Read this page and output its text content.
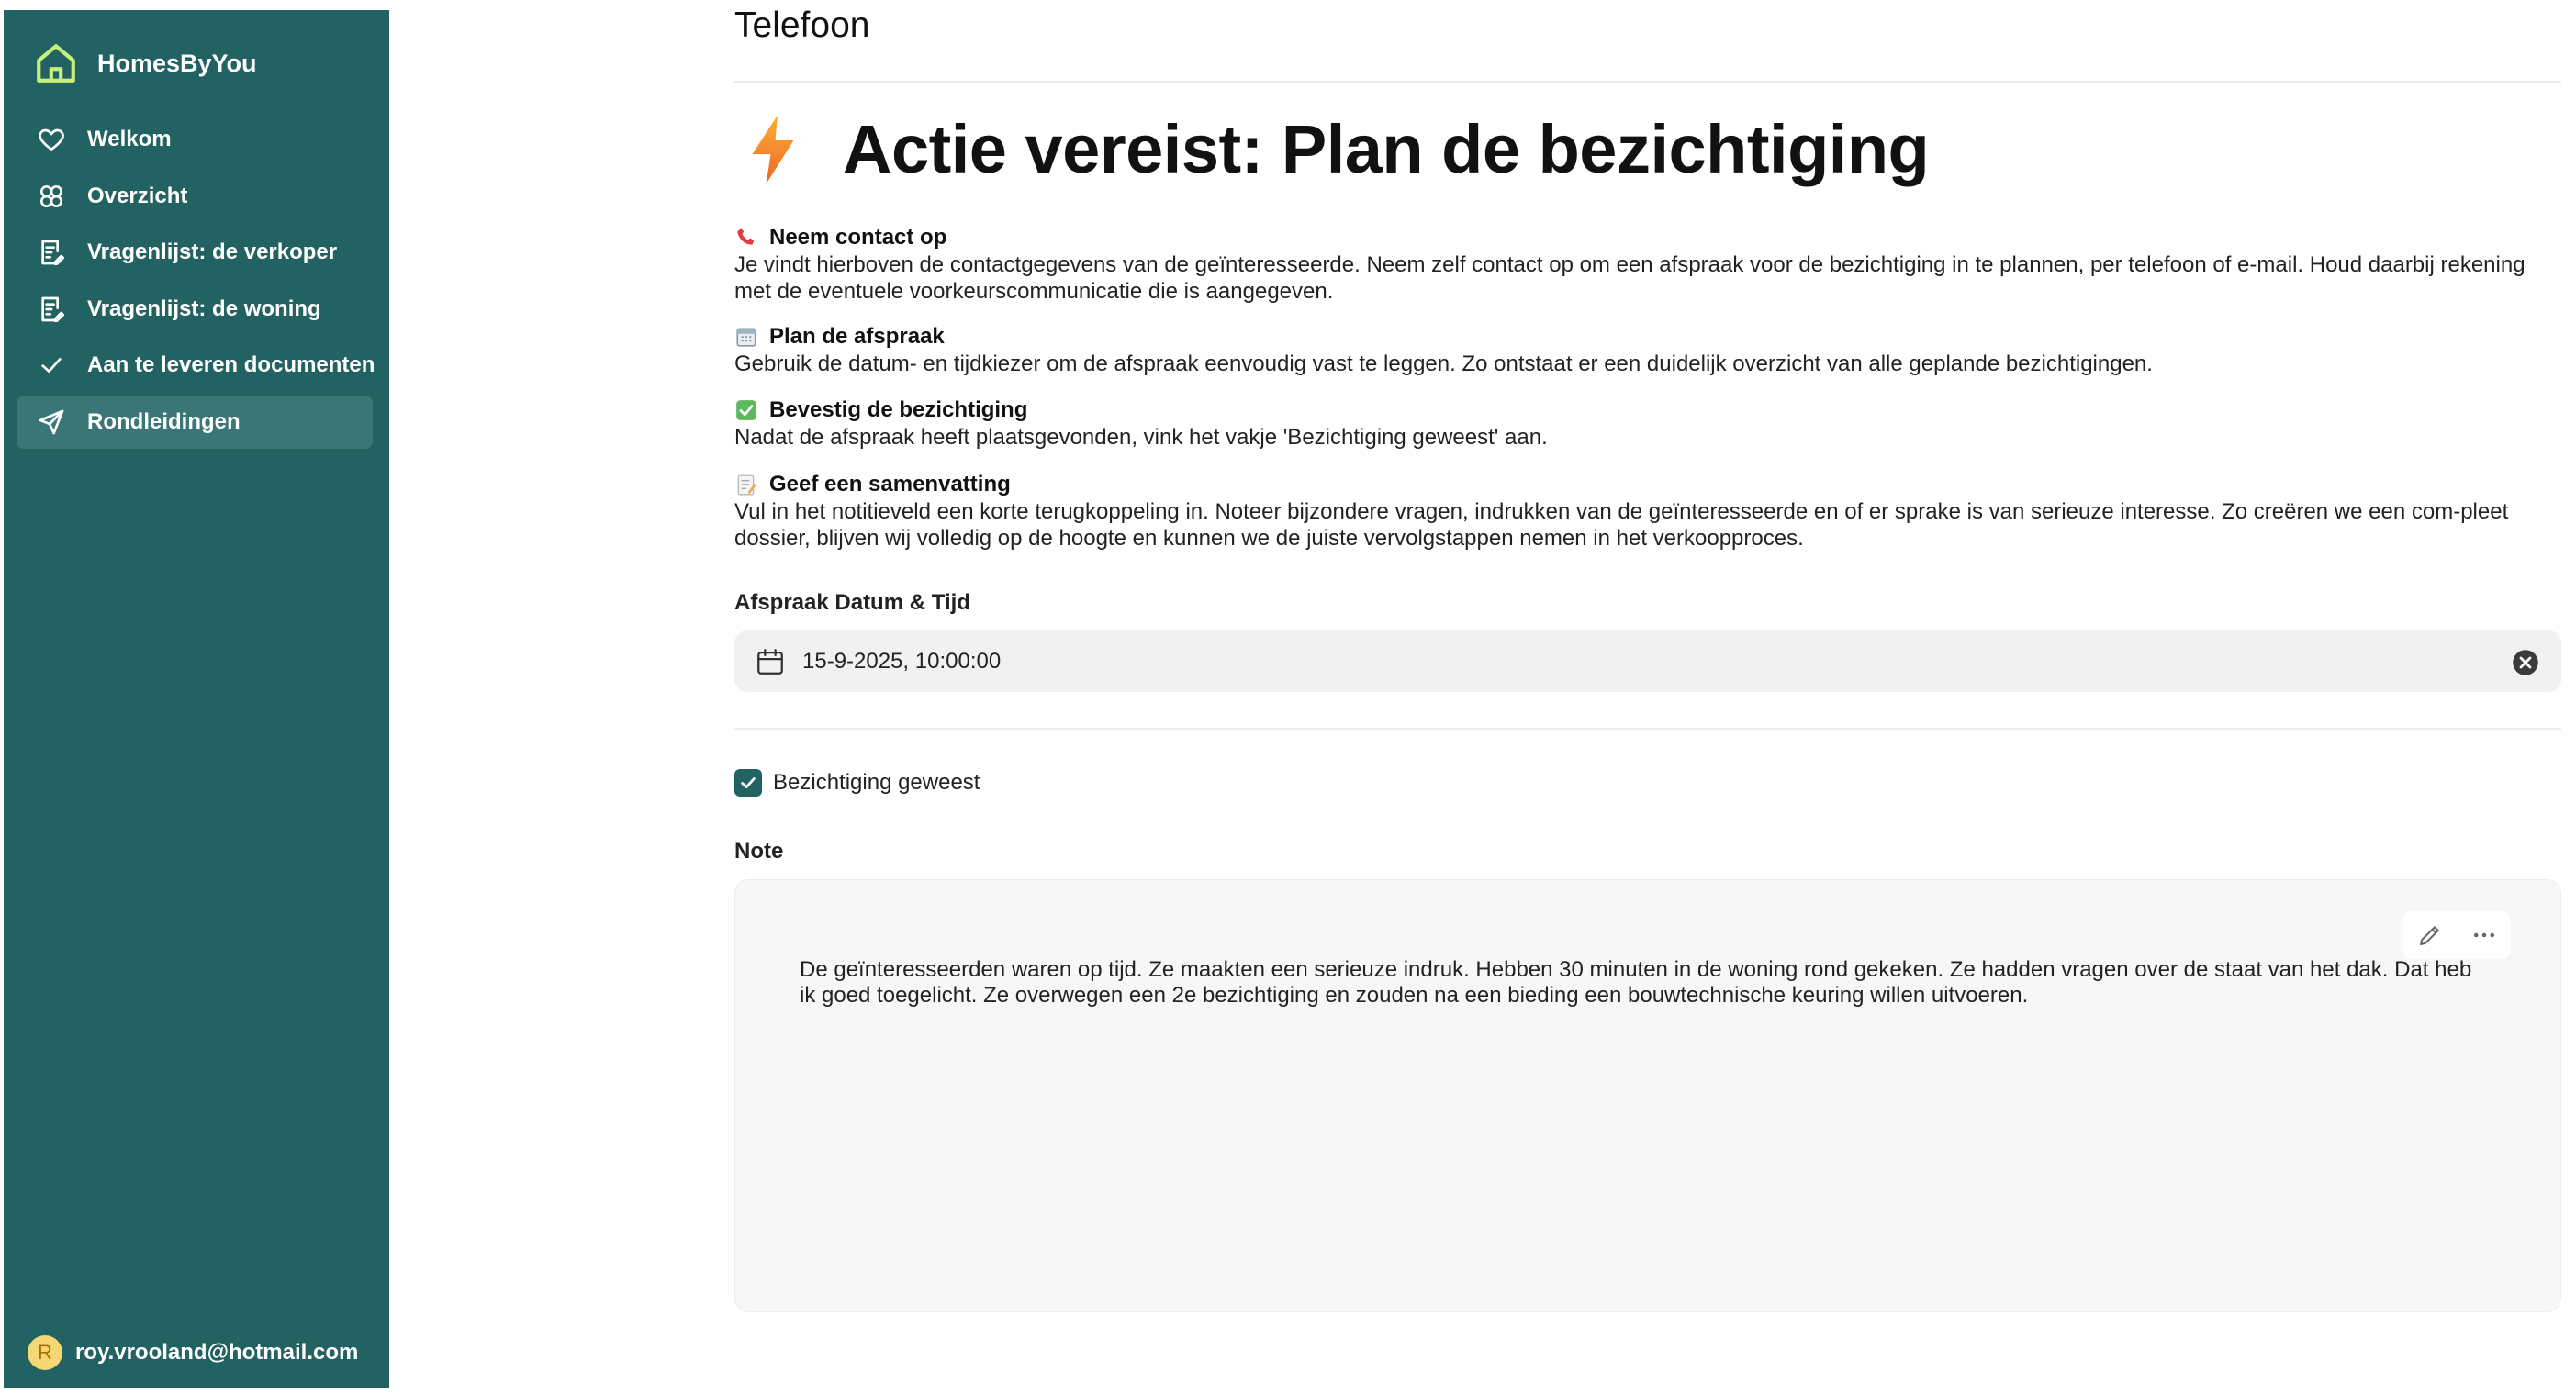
HomesByYou
Welkom
Overzicht
Vragenlijst: de verkoper
Vragenlijst: de woning
Aan te leveren documenten
Rondleidingen
R	roy.vrooland@hotmail.com
Telefoon
Actie vereist: Plan de bezichtiging
Neem contact op
Je vindt hierboven de contactgegevens van de geïnteresseerde. Neem zelf contact op om een afspraak voor de bezichtiging in te plannen, per telefoon of e-mail. Houd daarbij rekening met de eventuele voorkeurscommunicatie die is aangegeven.
Plan de afspraak
Gebruik de datum- en tijdkiezer om de afspraak eenvoudig vast te leggen. Zo ontstaat er een duidelijk overzicht van alle geplande bezichtigingen.
Bevestig de bezichtiging
Nadat de afspraak heeft plaatsgevonden, vink het vakje 'Bezichtiging geweest' aan.
Geef een samenvatting
Vul in het notitieveld een korte terugkoppeling in. Noteer bijzondere vragen, indrukken van de geïnteresseerde en of er sprake is van serieuze interesse. Zo creëren we een com-pleet dossier, blijven wij volledig op de hoogte en kunnen we de juiste vervolgstappen nemen in het verkoopproces.
Afspraak Datum & Tijd
15-9-2025, 10:00:00
Bezichtiging geweest
Note
De geïnteresseerden waren op tijd. Ze maakten een serieuze indruk. Hebben 30 minuten in de woning rond gekeken. Ze hadden vragen over de staat van het dak. Dat heb ik goed toegelicht. Ze overwegen een 2e bezichtiging en zouden na een bieding een bouwtechnische keuring willen uitvoeren.
